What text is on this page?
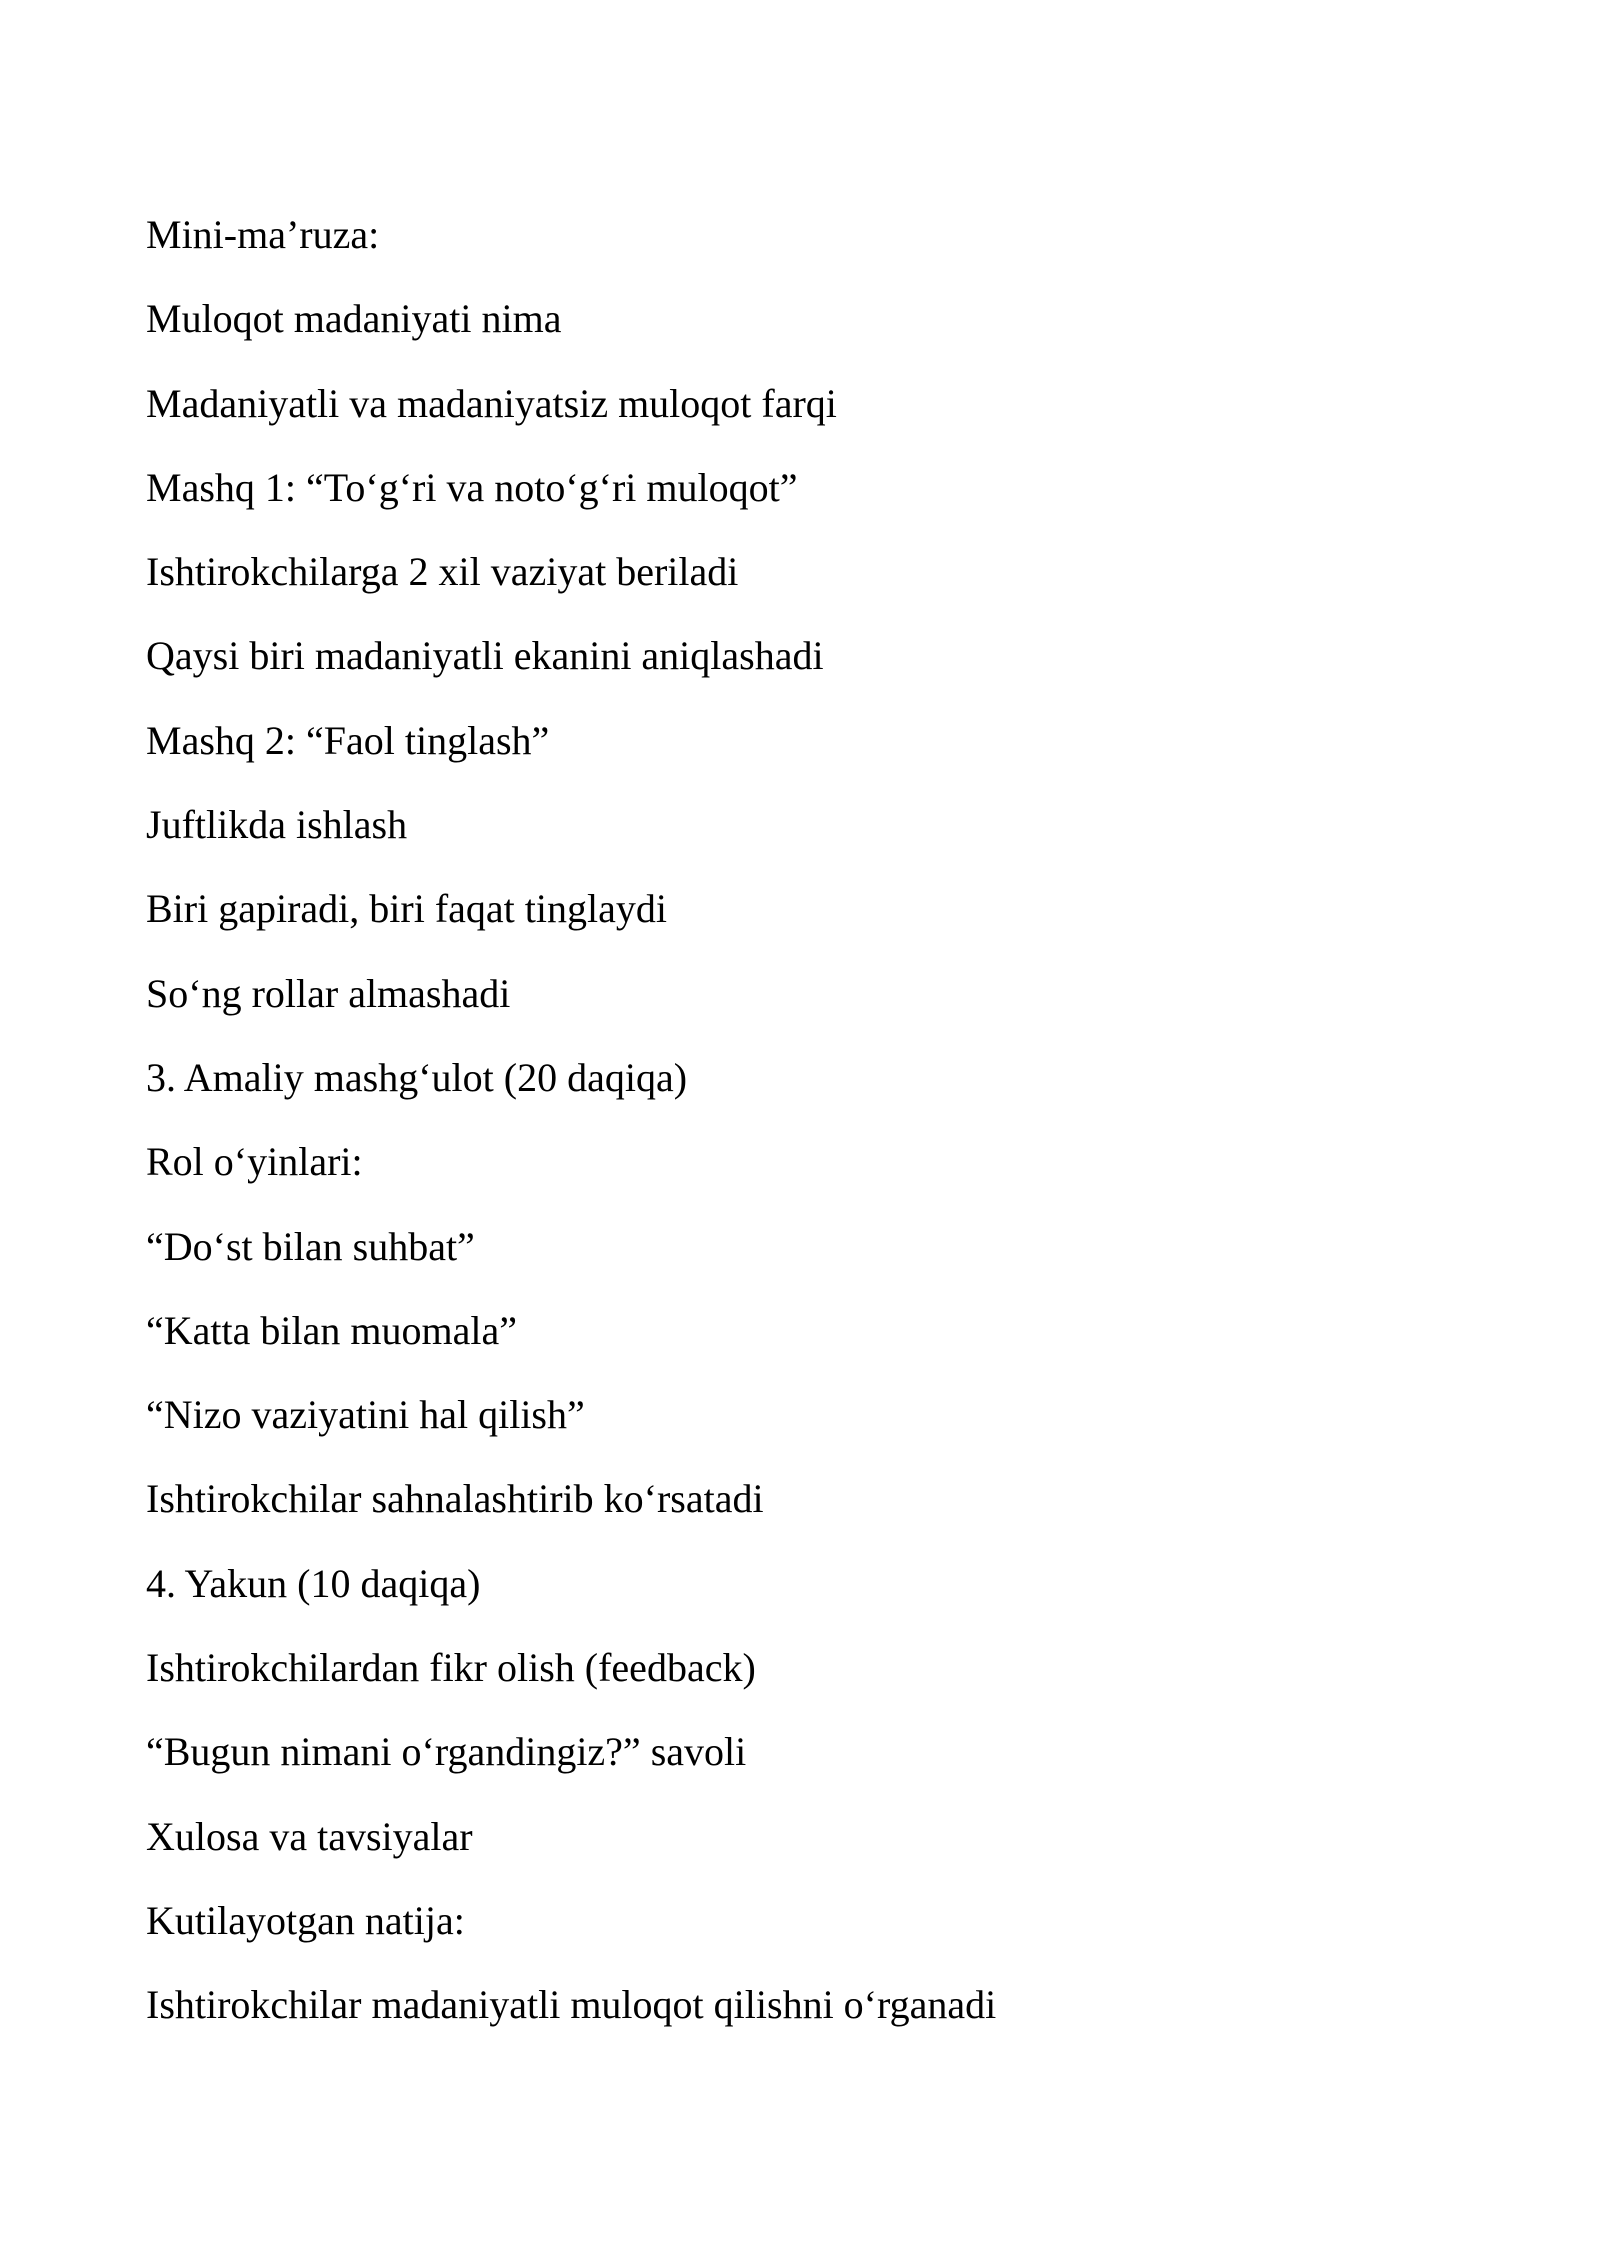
Mini-ma’ruza:
Muloqot madaniyati nima
Madaniyatli va madaniyatsiz muloqot farqi
Mashq 1: “To‘g‘ri va noto‘g‘ri muloqot”
Ishtirokchilarga 2 xil vaziyat beriladi
Qaysi biri madaniyatli ekanini aniqlashadi
Mashq 2: “Faol tinglash”
Juftlikda ishlash
Biri gapiradi, biri faqat tinglaydi
So‘ng rollar almashadi
3. Amaliy mashg‘ulot (20 daqiqa)
Rol o‘yinlari:
“Do‘st bilan suhbat”
“Katta bilan muomala”
“Nizo vaziyatini hal qilish”
Ishtirokchilar sahnalashtirib ko‘rsatadi
4. Yakun (10 daqiqa)
Ishtirokchilardan fikr olish (feedback)
“Bugun nimani o‘rgandingiz?” savoli
Xulosa va tavsiyalar
Kutilayotgan natija:
Ishtirokchilar madaniyatli muloqot qilishni o‘rganadi
